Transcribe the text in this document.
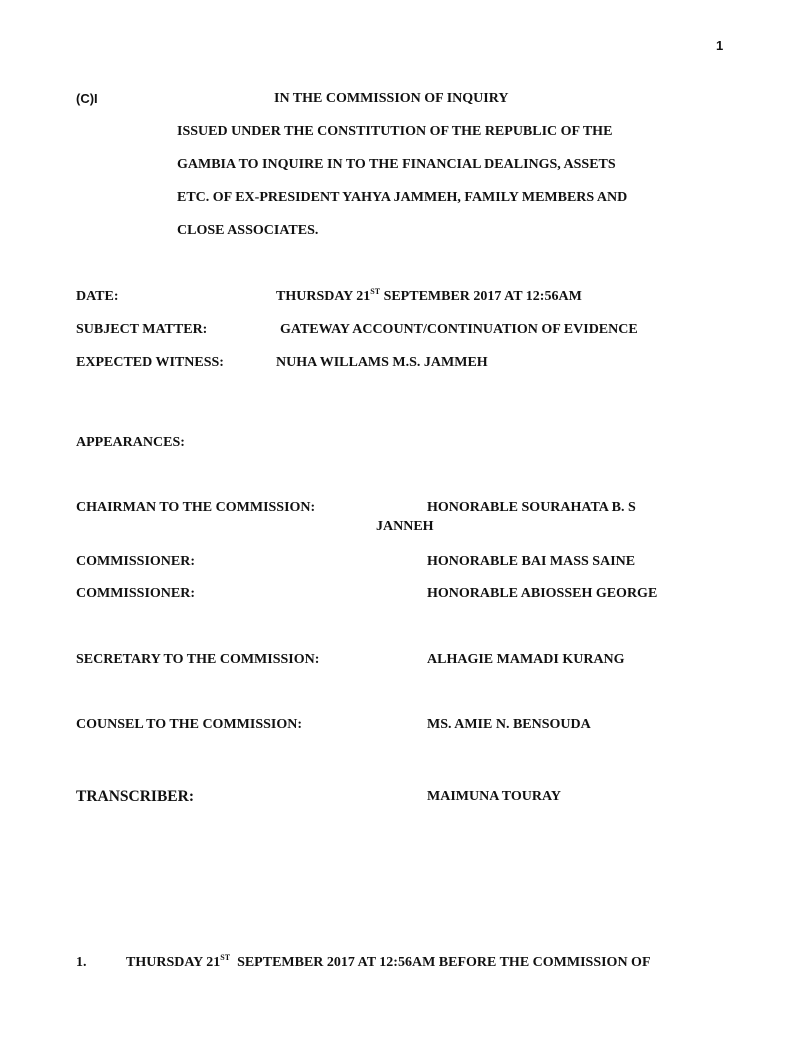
1
(C)I	IN THE COMMISSION OF INQUIRY
ISSUED UNDER THE CONSTITUTION OF THE REPUBLIC OF THE
GAMBIA TO INQUIRE IN TO THE FINANCIAL DEALINGS, ASSETS
ETC. OF EX-PRESIDENT YAHYA JAMMEH, FAMILY MEMBERS AND
CLOSE ASSOCIATES.
DATE:	THURSDAY 21ST SEPTEMBER 2017 AT 12:56AM
SUBJECT MATTER:	GATEWAY ACCOUNT/CONTINUATION OF EVIDENCE
EXPECTED WITNESS:	NUHA WILLAMS M.S. JAMMEH
APPEARANCES:
CHAIRMAN TO THE COMMISSION:	HONORABLE SOURAHATA B. S
JANNEH
COMMISSIONER:	HONORABLE BAI MASS SAINE
COMMISSIONER:	HONORABLE ABIOSSEH GEORGE
SECRETARY TO THE COMMISSION:	ALHAGIE MAMADI KURANG
COUNSEL TO THE COMMISSION:	MS. AMIE N. BENSOUDA
TRANSCRIBER:	MAIMUNA TOURAY
1.	THURSDAY 21ST  SEPTEMBER 2017 AT 12:56AM BEFORE THE COMMISSION OF
